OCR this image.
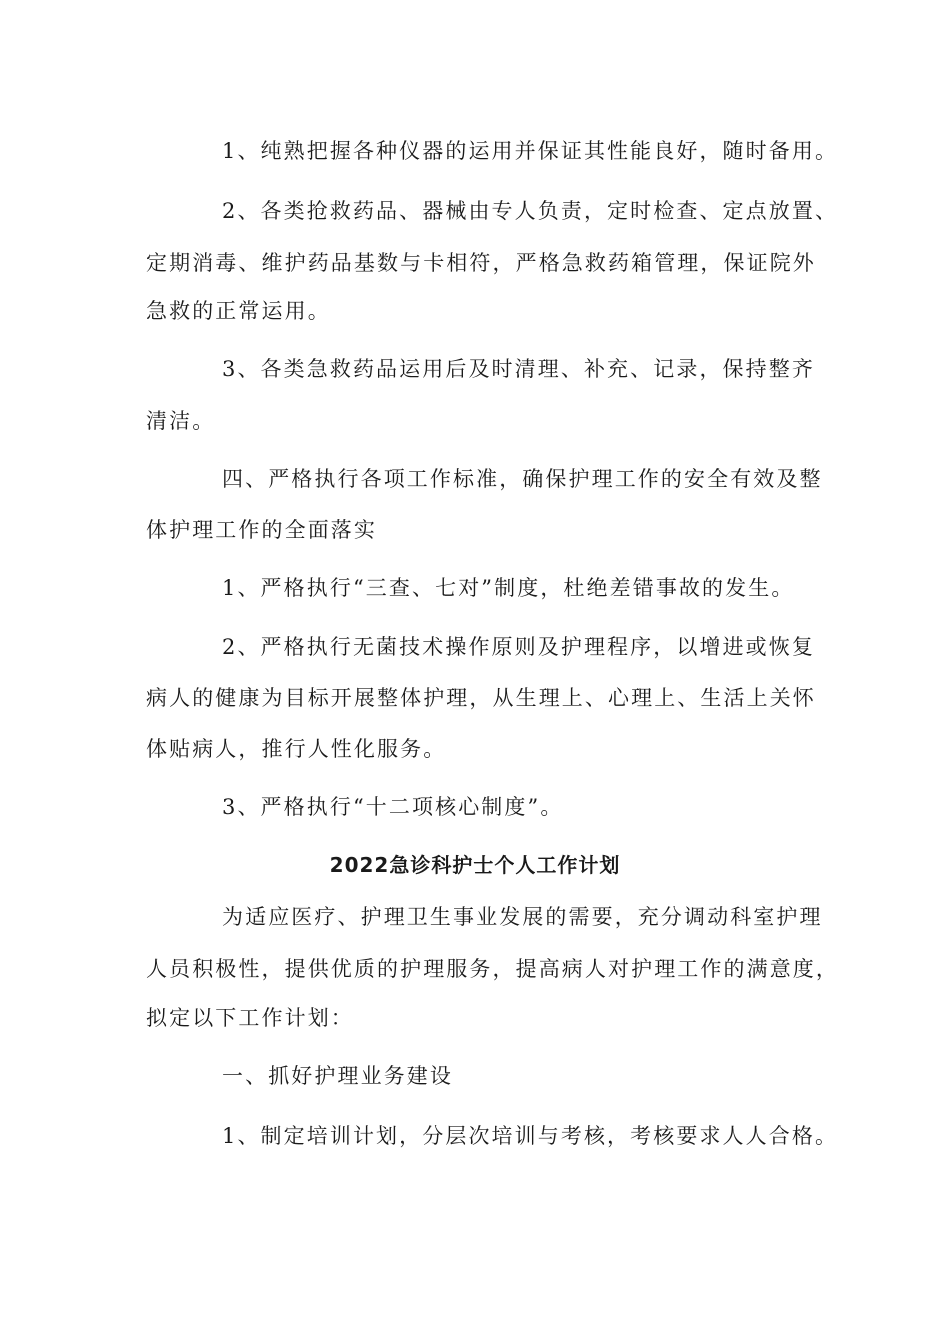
1、纯熟把握各种仪器的运用并保证其性能良好，随时备用。
2、各类抢救药品、器械由专人负责，定时检查、定点放置、
定期消毒、维护药品基数与卡相符，严格急救药箱管理，保证院外
急救的正常运用。
3、各类急救药品运用后及时清理、补充、记录，保持整齐
清洁。
四、严格执行各项工作标准，确保护理工作的安全有效及整
体护理工作的全面落实
1、严格执行“三查、七对”制度，杜绝差错事故的发生。
2、严格执行无菌技术操作原则及护理程序，以增进或恢复
病人的健康为目标开展整体护理，从生理上、心理上、生活上关怀
体贴病人，推行人性化服务。
3、严格执行“十二项核心制度”。
2022急诊科护士个人工作计划
为适应医疗、护理卫生事业发展的需要，充分调动科室护理
人员积极性，提供优质的护理服务，提高病人对护理工作的满意度，
拟定以下工作计划：
一、抓好护理业务建设
1、制定培训计划，分层次培训与考核，考核要求人人合格。
